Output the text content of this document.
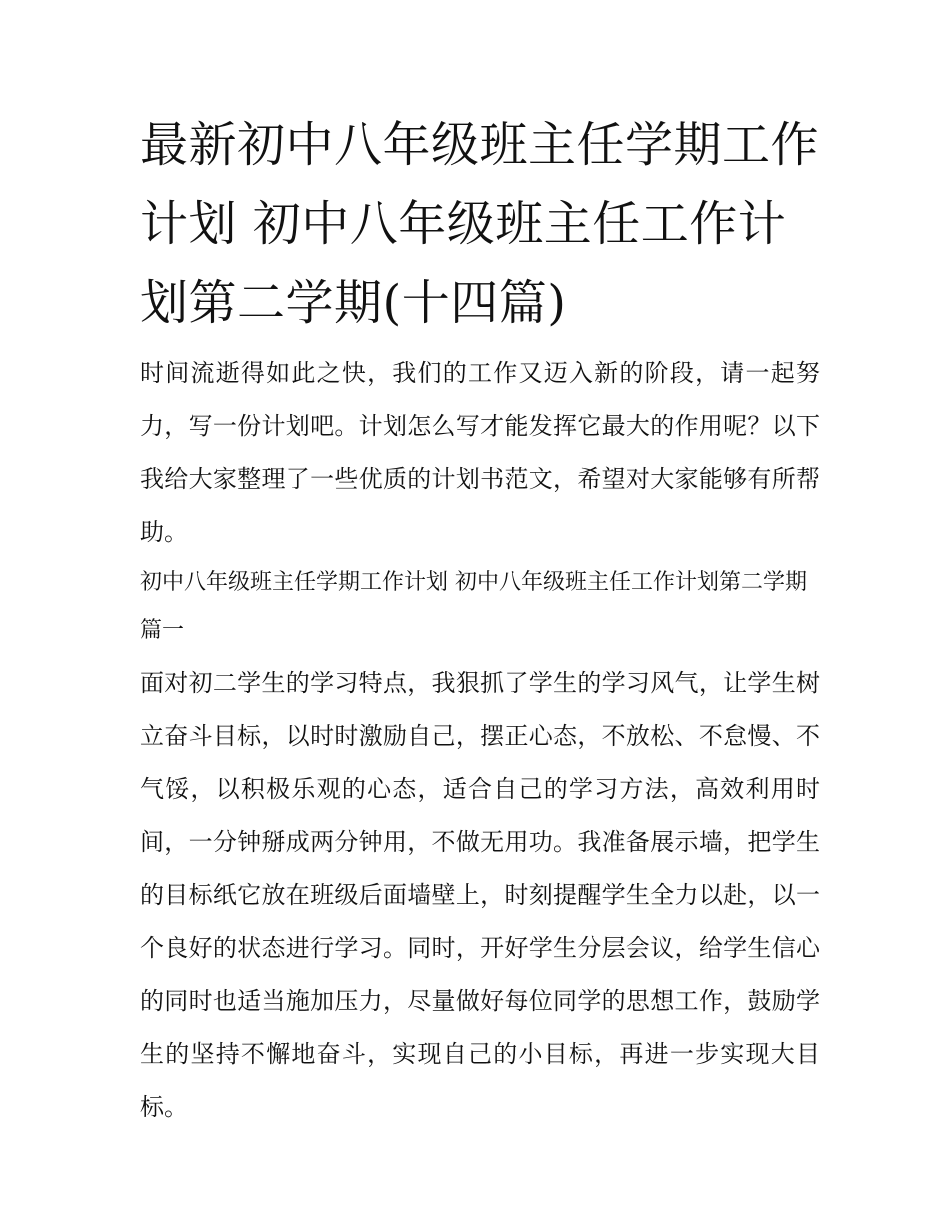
最新初中八年级班主任学期工作计划 初中八年级班主任工作计划第二学期(十四篇)

时间流逝得如此之快，我们的工作又迈入新的阶段，请一起努力，写一份计划吧。计划怎么写才能发挥它最大的作用呢？以下我给大家整理了一些优质的计划书范文，希望对大家能够有所帮助。

初中八年级班主任学期工作计划 初中八年级班主任工作计划第二学期篇一

面对初二学生的学习特点，我狠抓了学生的学习风气，让学生树立奋斗目标，以时时激励自己，摆正心态，不放松、不怠慢、不气馁，以积极乐观的心态，适合自己的学习方法，高效利用时间，一分钟掰成两分钟用，不做无用功。我准备展示墙，把学生的目标纸它放在班级后面墙壁上，时刻提醒学生全力以赴，以一个良好的状态进行学习。同时，开好学生分层会议，给学生信心的同时也适当施加压力，尽量做好每位同学的思想工作，鼓励学生的坚持不懈地奋斗，实现自己的小目标，再进一步实现大目标。
